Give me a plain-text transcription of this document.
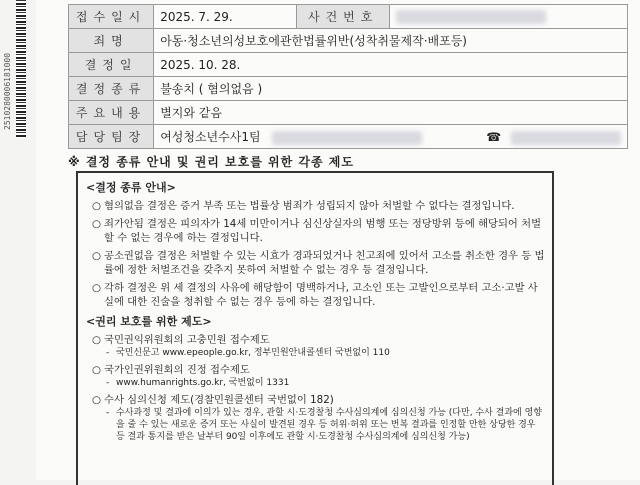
2510280006181000
접수일시	2025. 7. 29.	사건번호	
죄명	아동·청소년의성보호에관한법률위반(성착취물제작·배포등)		
결정일	2025. 10. 28.		
결정종류	불송치 ( 혐의없음 )		
주요내용	별지와 같음		
담당팀장	여성청소년수사1팀 ☎		
※ 결정 종류 안내 및 권리 보호를 위한 각종 제도
<결정 종류 안내>
○ 혐의없음 결정은 증거 부족 또는 법률상 범죄가 성립되지 않아 처벌할 수 없다는 결정입니다.
○ 죄가안됨 결정은 피의자가 14세 미만이거나 심신상실자의 범행 또는 정당방위 등에 해당되어 처벌할 수 없는 경우에 하는 결정입니다.
○ 공소권없음 결정은 처벌할 수 있는 시효가 경과되었거나 친고죄에 있어서 고소를 취소한 경우 등 법률에 정한 처벌조건을 갖추지 못하여 처벌할 수 없는 경우 등 결정입니다.
○ 각하 결정은 위 세 결정의 사유에 해당함이 명백하거나, 고소인 또는 고발인으로부터 고소·고발 사실에 대한 진술을 청취할 수 없는 경우 등에 하는 결정입니다.
<권리 보호를 위한 제도>
○ 국민권익위원회의 고충민원 접수제도
- 국민신문고 www.epeople.go.kr, 정부민원안내콜센터 국번없이 110
○ 국가인권위원회의 진정 접수제도
- www.humanrights.go.kr, 국번없이 1331
○ 수사 심의신청 제도(경찰민원콜센터 국번없이 182)
- 수사과정 및 결과에 이의가 있는 경우, 관할 시·도경찰청 수사심의계에 심의신청 가능 (다만, 수사 결과에 영향을 줄 수 있는 새로운 증거 또는 사실이 발견된 경우 등 허위·허위 또는 번복 결과를 인정할 만한 상당한 경우 등 결과 통지를 받은 날부터 90일 이후에도 관할 시·도경찰청 수사심의계에 심의신청 가능)
